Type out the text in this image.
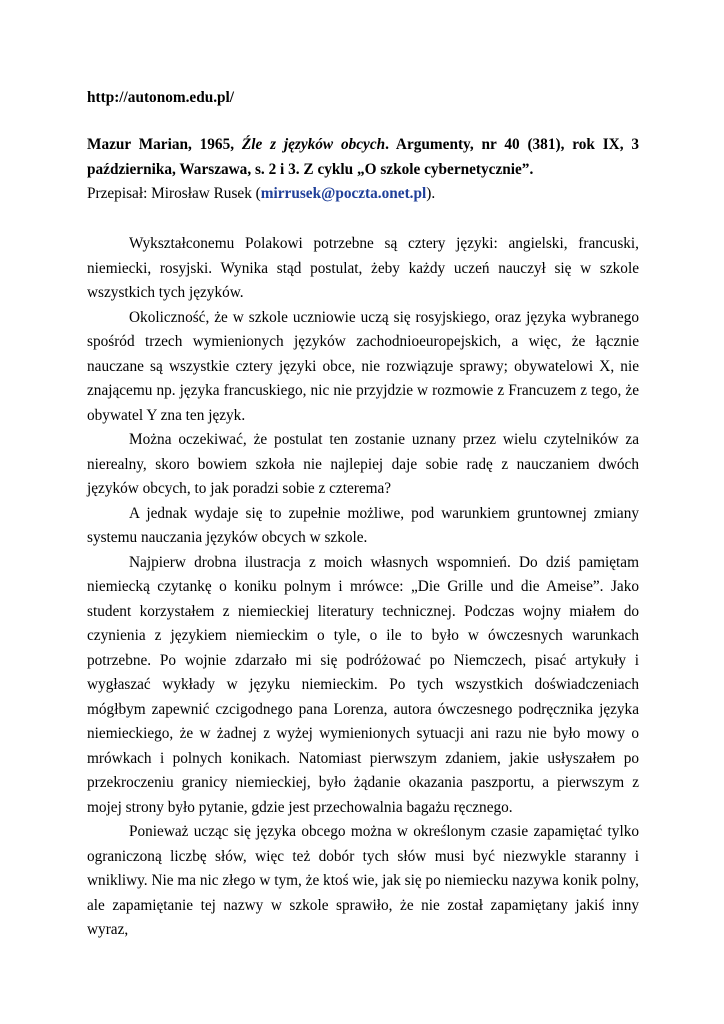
http://autonom.edu.pl/
Mazur Marian, 1965, Źle z języków obcych. Argumenty, nr 40 (381), rok IX, 3 października, Warszawa, s. 2 i 3. Z cyklu „O szkole cybernetycznie”.
Przepisał: Mirosław Rusek (mirrusek@poczta.onet.pl).

Wykształconemu Polakowi potrzebne są cztery języki: angielski, francuski, niemiecki, rosyjski. Wynika stąd postulat, żeby każdy uczeń nauczył się w szkole wszystkich tych języków.

Okoliczność, że w szkole uczniowie uczą się rosyjskiego, oraz języka wybranego spośród trzech wymienionych języków zachodnioeuropejskich, a więc, że łącznie nauczane są wszystkie cztery języki obce, nie rozwiązuje sprawy; obywatelowi X, nie znającemu np. języka francuskiego, nic nie przyjdzie w rozmowie z Francuzem z tego, że obywatel Y zna ten język.

Można oczekiwać, że postulat ten zostanie uznany przez wielu czytelników za nierealny, skoro bowiem szkoła nie najlepiej daje sobie radę z nauczaniem dwóch języków obcych, to jak poradzi sobie z czterema?

A jednak wydaje się to zupełnie możliwe, pod warunkiem gruntownej zmiany systemu nauczania języków obcych w szkole.

Najpierw drobna ilustracja z moich własnych wspomnień. Do dziś pamiętam niemiecką czytankę o koniku polnym i mrówce: „Die Grille und die Ameise”. Jako student korzystałem z niemieckiej literatury technicznej. Podczas wojny miałem do czynienia z językiem niemieckim o tyle, o ile to było w ówczesnych warunkach potrzebne. Po wojnie zdarzało mi się podróżować po Niemczech, pisać artykuły i wygłaszać wykłady w języku niemieckim. Po tych wszystkich doświadczeniach mógłbym zapewnić czcigodnego pana Lorenza, autora ówczesnego podręcznika języka niemieckiego, że w żadnej z wyżej wymienionych sytuacji ani razu nie było mowy o mrówkach i polnych konikach. Natomiast pierwszym zdaniem, jakie usłyszałem po przekroczeniu granicy niemieckiej, było żądanie okazania paszportu, a pierwszym z mojej strony było pytanie, gdzie jest przechowalnia bagażu ręcznego.

Ponieważ ucząc się języka obcego można w określonym czasie zapamiętać tylko ograniczoną liczbę słów, więc też dobór tych słów musi być niezwykle staranny i wnikliwy. Nie ma nic złego w tym, że ktoś wie, jak się po niemiecku nazywa konik polny, ale zapamiętanie tej nazwy w szkole sprawiło, że nie został zapamiętany jakiś inny wyraz,
